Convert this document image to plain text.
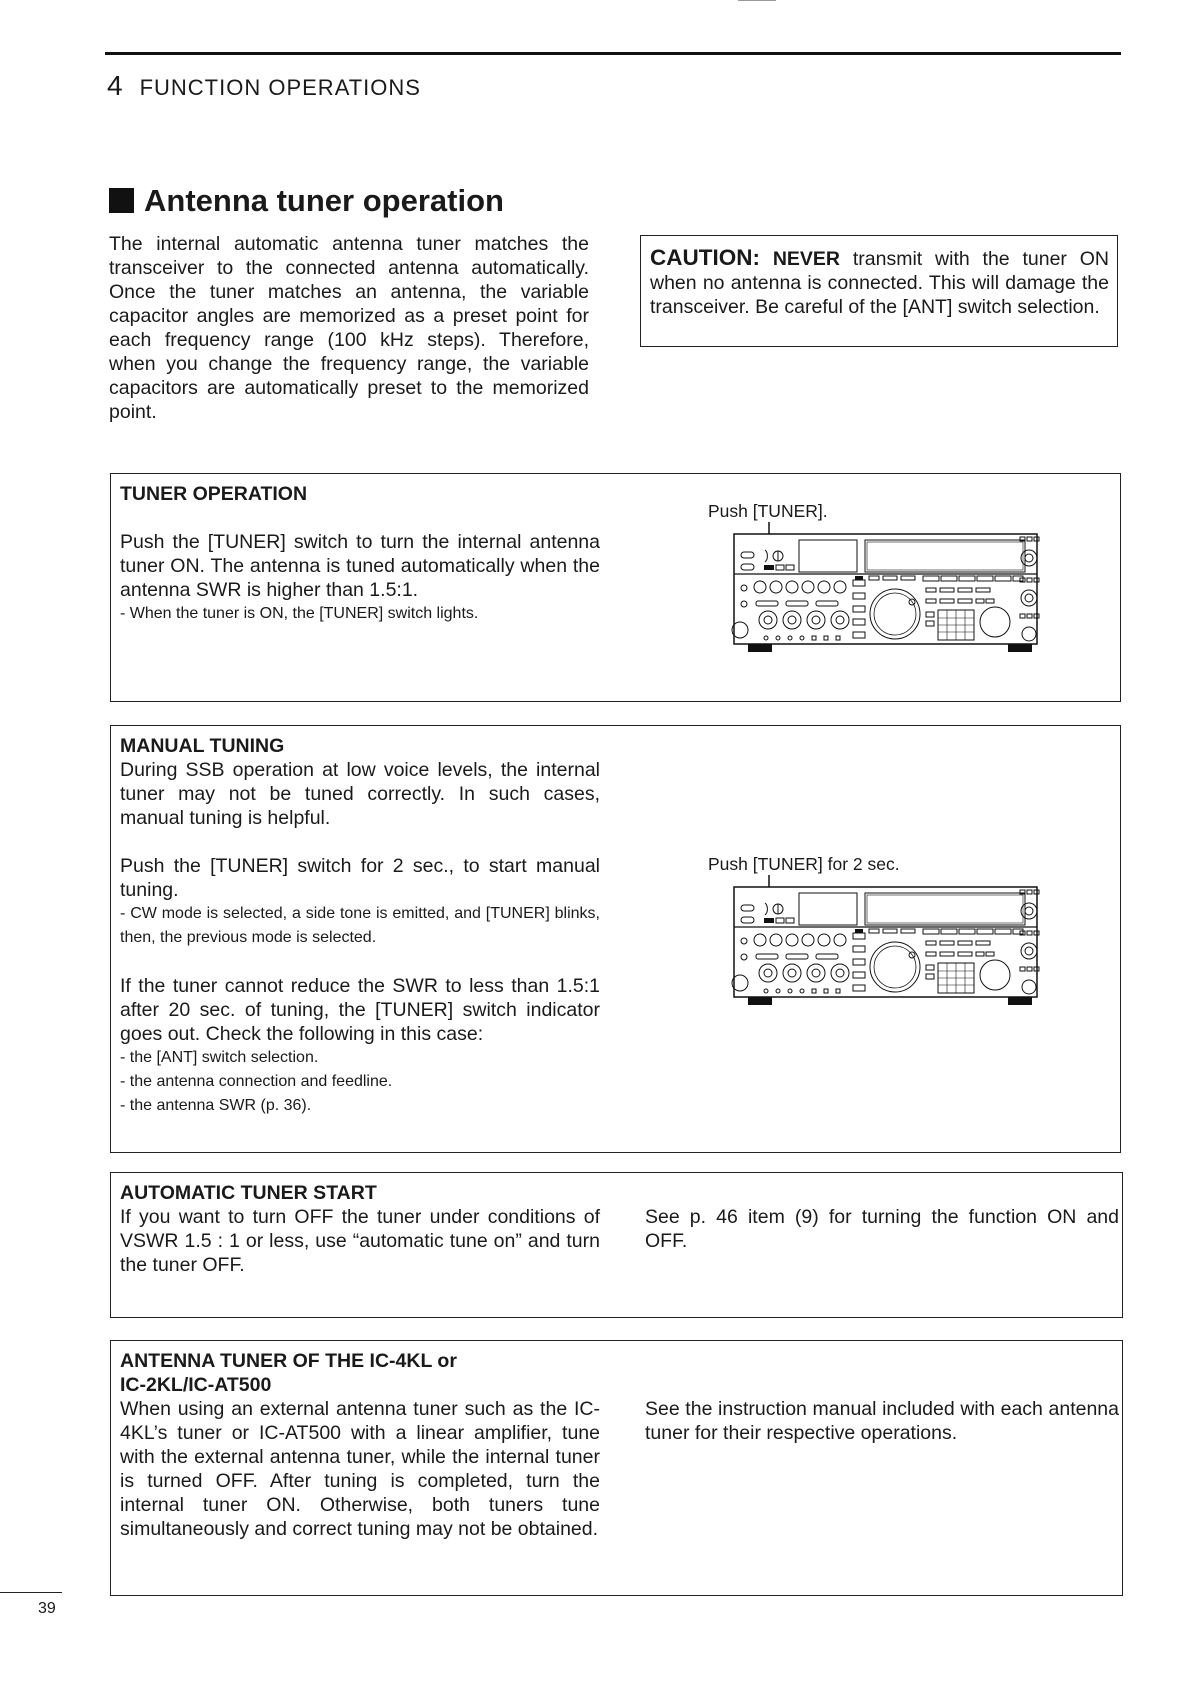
4 FUNCTION OPERATIONS
Antenna tuner operation
The internal automatic antenna tuner matches the transceiver to the connected antenna automatically. Once the tuner matches an antenna, the variable capacitor angles are memorized as a preset point for each frequency range (100 kHz steps). Therefore, when you change the frequency range, the variable capacitors are automatically preset to the memorized point.
CAUTION: NEVER transmit with the tuner ON when no antenna is connected. This will damage the transceiver. Be careful of the [ANT] switch selection.

TUNER OPERATION

Push the [TUNER] switch to turn the internal antenna tuner ON. The antenna is tuned automatically when the antenna SWR is higher than 1.5:1.

- When the tuner is ON, the [TUNER] switch lights.

Push [TUNER].

MANUAL TUNING

During SSB operation at low voice levels, the internal tuner may not be tuned correctly. In such cases, manual tuning is helpful.

Push the [TUNER] switch for 2 sec., to start manual tuning.

- CW mode is selected, a side tone is emitted, and [TUNER] blinks, then, the previous mode is selected.

If the tuner cannot reduce the SWR to less than 1.5:1 after 20 sec. of tuning, the [TUNER] switch indicator goes out. Check the following in this case:

- the [ANT] switch selection.

- the antenna connection and feedline.

- the antenna SWR (p. 36).

Push [TUNER] for 2 sec.

AUTOMATIC TUNER START

If you want to turn OFF the tuner under conditions of VSWR 1.5 : 1 or less, use “automatic tune on” and turn the tuner OFF.

See p. 46 item (9) for turning the function ON and OFF.

ANTENNA TUNER OF THE IC-4KL or

IC-2KL/IC-AT500

When using an external antenna tuner such as the IC-4KL’s tuner or IC-AT500 with a linear amplifier, tune with the external antenna tuner, while the internal tuner is turned OFF. After tuning is completed, turn the internal tuner ON. Otherwise, both tuners tune simultaneously and correct tuning may not be obtained.

See the instruction manual included with each antenna tuner for their respective operations.

39
